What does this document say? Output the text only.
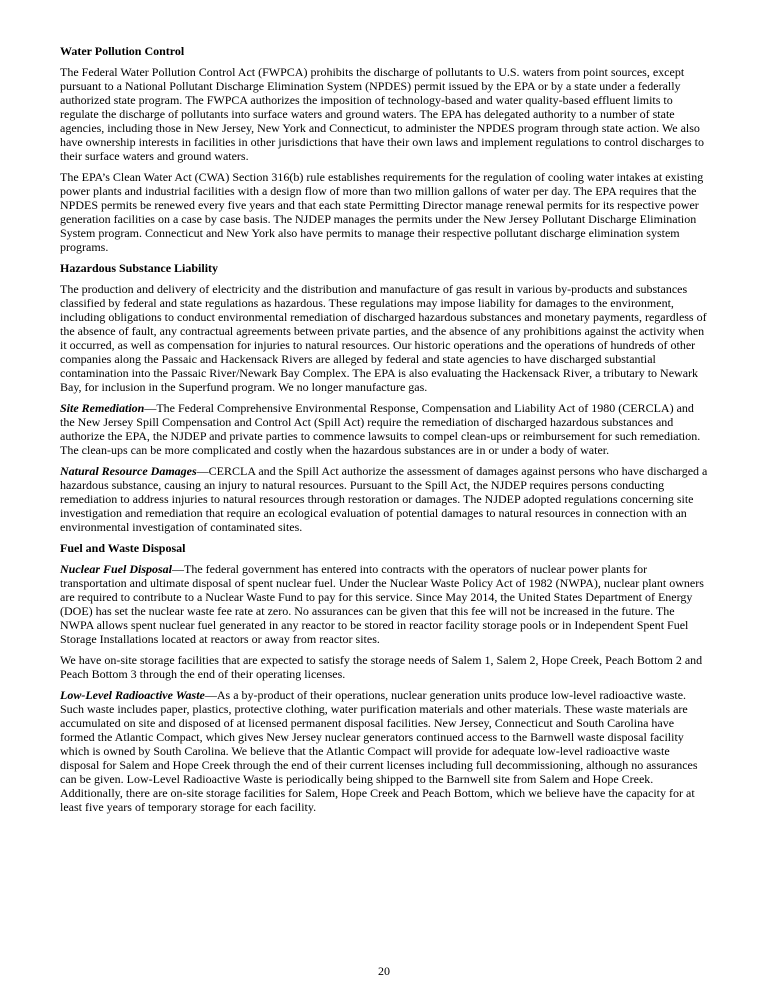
Water Pollution Control

The Federal Water Pollution Control Act (FWPCA) prohibits the discharge of pollutants to U.S. waters from point sources, except pursuant to a National Pollutant Discharge Elimination System (NPDES) permit issued by the EPA or by a state under a federally authorized state program. The FWPCA authorizes the imposition of technology-based and water quality-based effluent limits to regulate the discharge of pollutants into surface waters and ground waters. The EPA has delegated authority to a number of state agencies, including those in New Jersey, New York and Connecticut, to administer the NPDES program through state action. We also have ownership interests in facilities in other jurisdictions that have their own laws and implement regulations to control discharges to their surface waters and ground waters.

The EPA’s Clean Water Act (CWA) Section 316(b) rule establishes requirements for the regulation of cooling water intakes at existing power plants and industrial facilities with a design flow of more than two million gallons of water per day. The EPA requires that the NPDES permits be renewed every five years and that each state Permitting Director manage renewal permits for its respective power generation facilities on a case by case basis. The NJDEP manages the permits under the New Jersey Pollutant Discharge Elimination System program. Connecticut and New York also have permits to manage their respective pollutant discharge elimination system programs.

Hazardous Substance Liability

The production and delivery of electricity and the distribution and manufacture of gas result in various by-products and substances classified by federal and state regulations as hazardous. These regulations may impose liability for damages to the environment, including obligations to conduct environmental remediation of discharged hazardous substances and monetary payments, regardless of the absence of fault, any contractual agreements between private parties, and the absence of any prohibitions against the activity when it occurred, as well as compensation for injuries to natural resources. Our historic operations and the operations of hundreds of other companies along the Passaic and Hackensack Rivers are alleged by federal and state agencies to have discharged substantial contamination into the Passaic River/Newark Bay Complex. The EPA is also evaluating the Hackensack River, a tributary to Newark Bay, for inclusion in the Superfund program. We no longer manufacture gas.

Site Remediation—The Federal Comprehensive Environmental Response, Compensation and Liability Act of 1980 (CERCLA) and the New Jersey Spill Compensation and Control Act (Spill Act) require the remediation of discharged hazardous substances and authorize the EPA, the NJDEP and private parties to commence lawsuits to compel clean-ups or reimbursement for such remediation. The clean-ups can be more complicated and costly when the hazardous substances are in or under a body of water.

Natural Resource Damages—CERCLA and the Spill Act authorize the assessment of damages against persons who have discharged a hazardous substance, causing an injury to natural resources. Pursuant to the Spill Act, the NJDEP requires persons conducting remediation to address injuries to natural resources through restoration or damages. The NJDEP adopted regulations concerning site investigation and remediation that require an ecological evaluation of potential damages to natural resources in connection with an environmental investigation of contaminated sites.

Fuel and Waste Disposal

Nuclear Fuel Disposal—The federal government has entered into contracts with the operators of nuclear power plants for transportation and ultimate disposal of spent nuclear fuel. Under the Nuclear Waste Policy Act of 1982 (NWPA), nuclear plant owners are required to contribute to a Nuclear Waste Fund to pay for this service. Since May 2014, the United States Department of Energy (DOE) has set the nuclear waste fee rate at zero. No assurances can be given that this fee will not be increased in the future. The NWPA allows spent nuclear fuel generated in any reactor to be stored in reactor facility storage pools or in Independent Spent Fuel Storage Installations located at reactors or away from reactor sites.

We have on-site storage facilities that are expected to satisfy the storage needs of Salem 1, Salem 2, Hope Creek, Peach Bottom 2 and Peach Bottom 3 through the end of their operating licenses.

Low-Level Radioactive Waste—As a by-product of their operations, nuclear generation units produce low-level radioactive waste. Such waste includes paper, plastics, protective clothing, water purification materials and other materials. These waste materials are accumulated on site and disposed of at licensed permanent disposal facilities. New Jersey, Connecticut and South Carolina have formed the Atlantic Compact, which gives New Jersey nuclear generators continued access to the Barnwell waste disposal facility which is owned by South Carolina. We believe that the Atlantic Compact will provide for adequate low-level radioactive waste disposal for Salem and Hope Creek through the end of their current licenses including full decommissioning, although no assurances can be given. Low-Level Radioactive Waste is periodically being shipped to the Barnwell site from Salem and Hope Creek. Additionally, there are on-site storage facilities for Salem, Hope Creek and Peach Bottom, which we believe have the capacity for at least five years of temporary storage for each facility.

20
